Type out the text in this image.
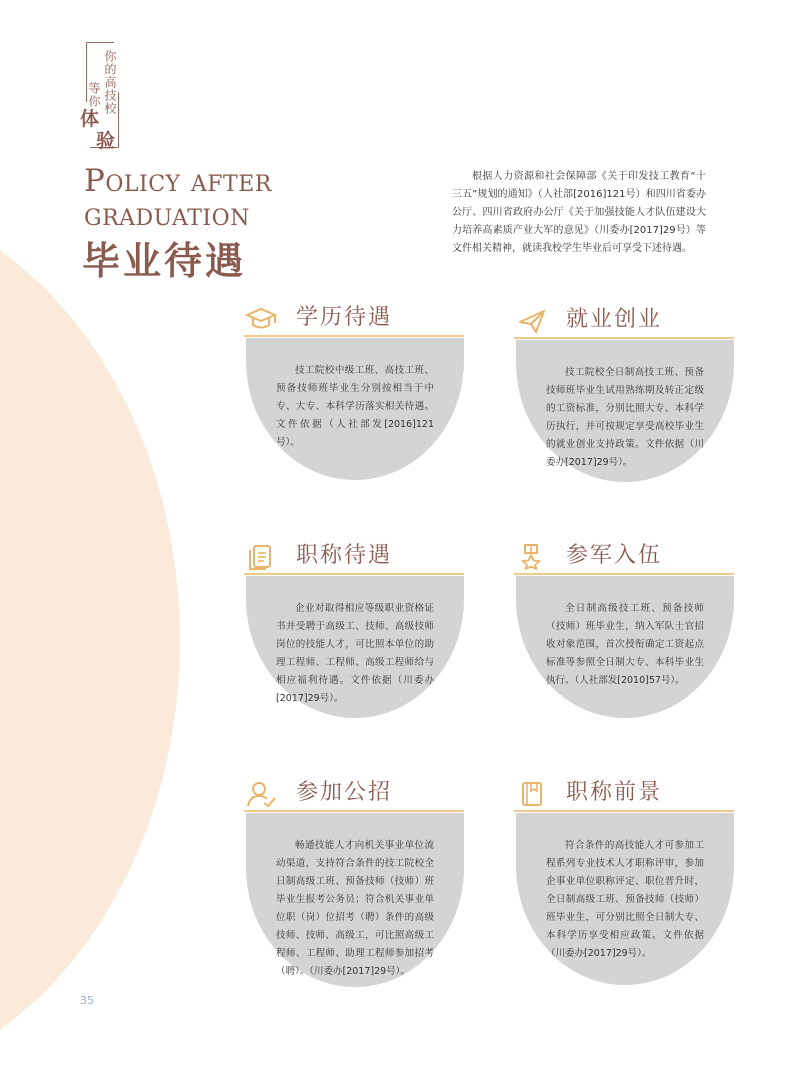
你的高技校
等你
体
验
Policy after
graduation
毕业待遇

根据人力资源和社会保障部《关于印发技工教育“十三五”规划的通知》（人社部[2016]121号）和四川省委办公厅、四川省政府办公厅《关于加强技能人才队伍建设大力培养高素质产业大军的意见》（川委办[2017]29号）等文件相关精神，就读我校学生毕业后可享受下述待遇。

学历待遇

技工院校中级工班、高技工班、预备技师班毕业生分别按相当于中专、大专、本科学历落实相关待遇。文件依据（人社部发[2016]121号）。

就业创业

技工院校全日制高技工班、预备技师班毕业生试用熟练期及转正定级的工资标准，分别比照大专、本科学历执行，并可按规定享受高校毕业生的就业创业支持政策。文件依据（川委办[2017]29号）。

职称待遇

企业对取得相应等级职业资格证书并受聘于高级工、技师、高级技师岗位的技能人才，可比照本单位的助理工程师、工程师、高级工程师给与相应福利待遇。文件依据（川委办[2017]29号）。

参军入伍

全日制高级技工班、预备技师（技师）班毕业生，纳入军队士官招收对象范围，首次授衔确定工资起点标准等参照全日制大专、本科毕业生执行。（人社部发[2010]57号）。

参加公招

畅通技能人才向机关事业单位流动渠道，支持符合条件的技工院校全日制高级工班、预备技师（技师）班毕业生报考公务员；符合机关事业单位职（岗）位招考（聘）条件的高级技师、技师、高级工，可比照高级工程师、工程师、助理工程师参加招考（聘）。（川委办[2017]29号）。

职称前景

符合条件的高技能人才可参加工程系列专业技术人才职称评审，参加企事业单位职称评定、职位晋升时，全日制高级工班、预备技师（技师）班毕业生，可分别比照全日制大专、本科学历享受相应政策。文件依据（川委办[2017]29号）。

35
